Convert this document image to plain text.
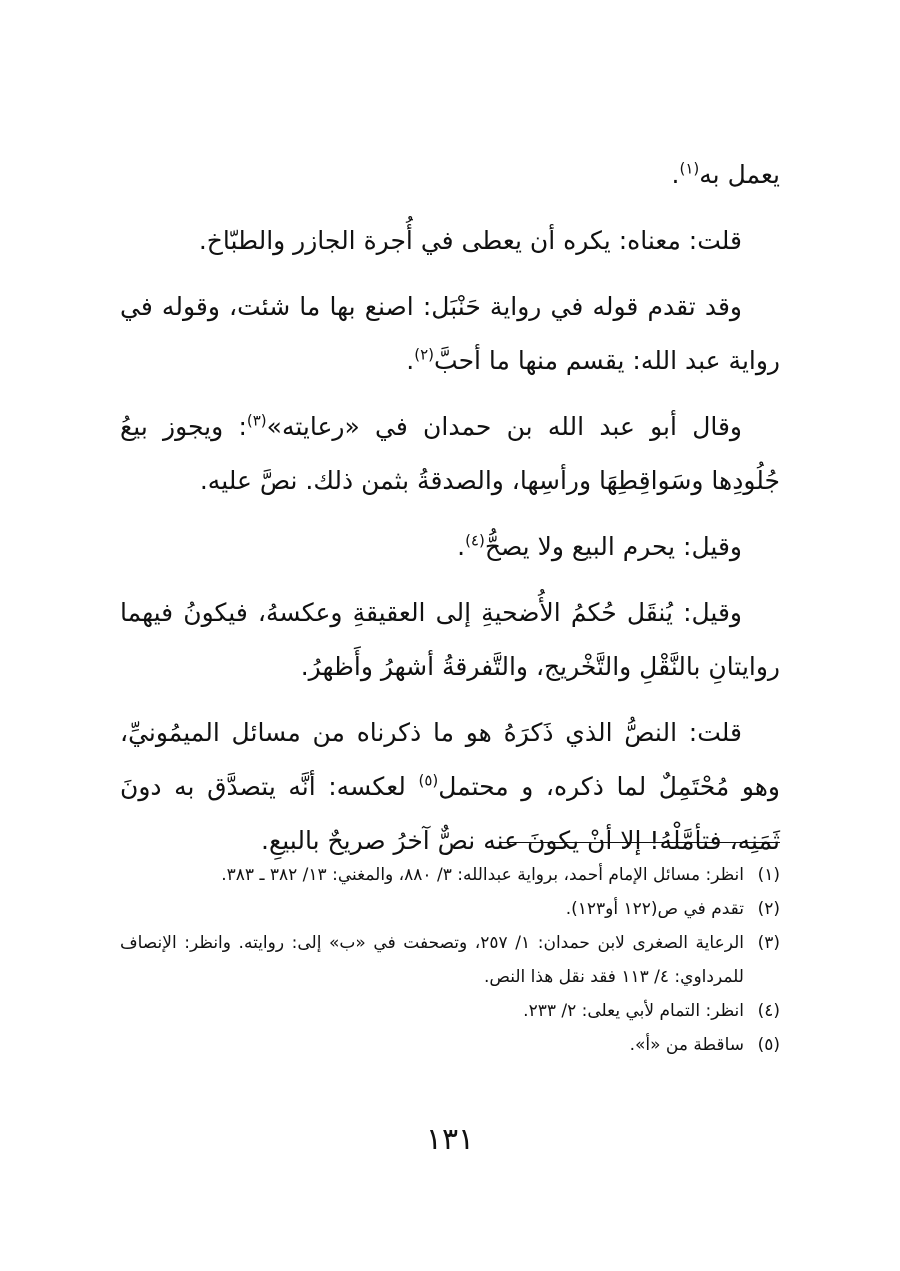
يعمل به$^{(١)}$.

قلت: معناه: يكره أن يعطى في أُجرة الجازر والطبّاخ.

وقد تقدم قوله في رواية حَنْبَل: اصنع بها ما شئت، وقوله في رواية عبد الله: يقسم منها ما أحبَّ$^{(٢)}$.

وقال أبو عبد الله بن حمدان في «رعايته»$^{(٣)}$: ويجوز بيعُ جُلُودِها وسَواقِطِهَا ورأسِها، والصدقةُ بثمن ذلك. نصَّ عليه.

وقيل: يحرم البيع ولا يصحُّ$^{(٤)}$.

وقيل: يُنقَل حُكمُ الأُضحيةِ إلى العقيقةِ وعكسهُ، فيكونُ فيهما روايتانِ بالنَّقْلِ والتَّخْريج، والتَّفرقةُ أشهرُ وأَظهرُ.

قلت: النصُّ الذي ذَكرَهُ هو ما ذكرناه من مسائل الميمُونيِّ، وهو مُحْتَمِلٌ لما ذكره، و محتمل$^{(٥)}$ لعكسه: أنَّه يتصدَّق به دونَ ثَمَنِه، فتأمَّلْهُ! إلا أنْ يكونَ عنه نصٌّ آخرُ صريحٌ بالبيعِ.

(١)
انظر: مسائل الإمام أحمد، برواية عبدالله: ٣/ ٨٨٠، والمغني: ١٣/ ٣٨٢ ـ ٣٨٣.
(٢)
تقدم في ص(١٢٢ أو١٢٣).
(٣)
الرعاية الصغرى لابن حمدان: ١/ ٢٥٧، وتصحفت في «ب» إلى: روايته. وانظر: الإنصاف للمرداوي: ٤/ ١١٣ فقد نقل هذا النص.
(٤)
انظر: التمام لأبي يعلى: ٢/ ٢٣٣.
(٥)
ساقطة من «أ».
١٣١
